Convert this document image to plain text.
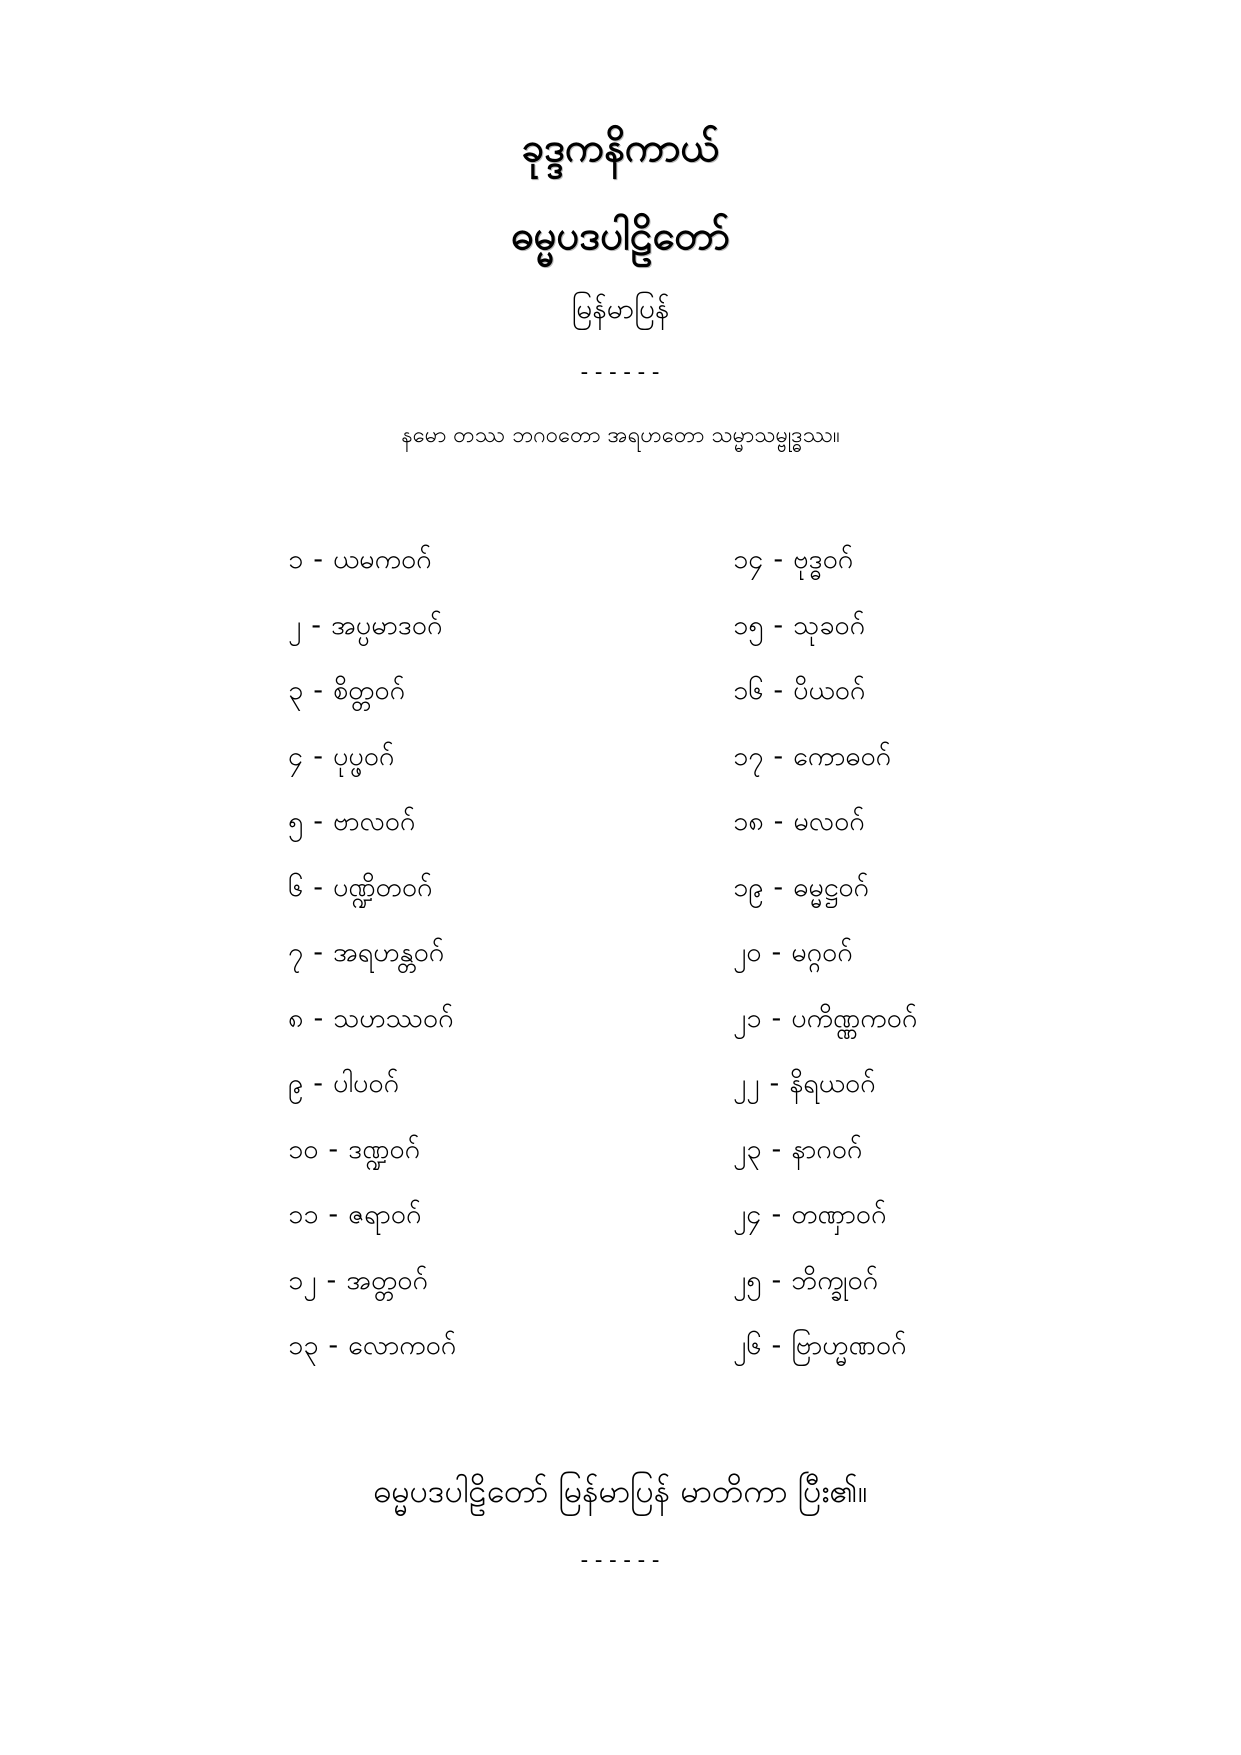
ခုဒ္ဒကနိကာယ်
ဓမ္မပဒပါဠိတော်
မြန်မာပြန်
------
နမော တဿ ဘဂဝတော အရဟတော သမ္မာသမ္ဗုဒ္ဓဿ။
၁ - ယမကဝဂ်
၂ - အပ္ပမာဒဝဂ်
၃ - စိတ္တဝဂ်
၄ - ပုပ္ဖဝဂ်
၅ - ဗာလဝဂ်
၆ - ပဏ္ဍိတဝဂ်
၇ - အရဟန္တဝဂ်
၈ - သဟဿဝဂ်
၉ - ပါပဝဂ်
၁၀ - ဒဏ္ဍဝဂ်
၁၁ - ဇရာဝဂ်
၁၂ - အတ္တဝဂ်
၁၃ - လောကဝဂ်
၁၄ - ဗုဒ္ဓဝဂ်
၁၅ - သုခဝဂ်
၁၆ - ပိယဝဂ်
၁၇ - ကောဓဝဂ်
၁၈ - မလဝဂ်
၁၉ - ဓမ္မဋ္ဌဝဂ်
၂၀ - မဂ္ဂဝဂ်
၂၁ - ပကိဏ္ဏကဝဂ်
၂၂ - နိရယဝဂ်
၂၃ - နာဂဝဂ်
၂၄ - တဏှာဝဂ်
၂၅ - ဘိက္ခုဝဂ်
၂၆ - ဗြာဟ္မဏဝဂ်
ဓမ္မပဒပါဠိတော် မြန်မာပြန် မာတိကာ ပြီး၏။
------
